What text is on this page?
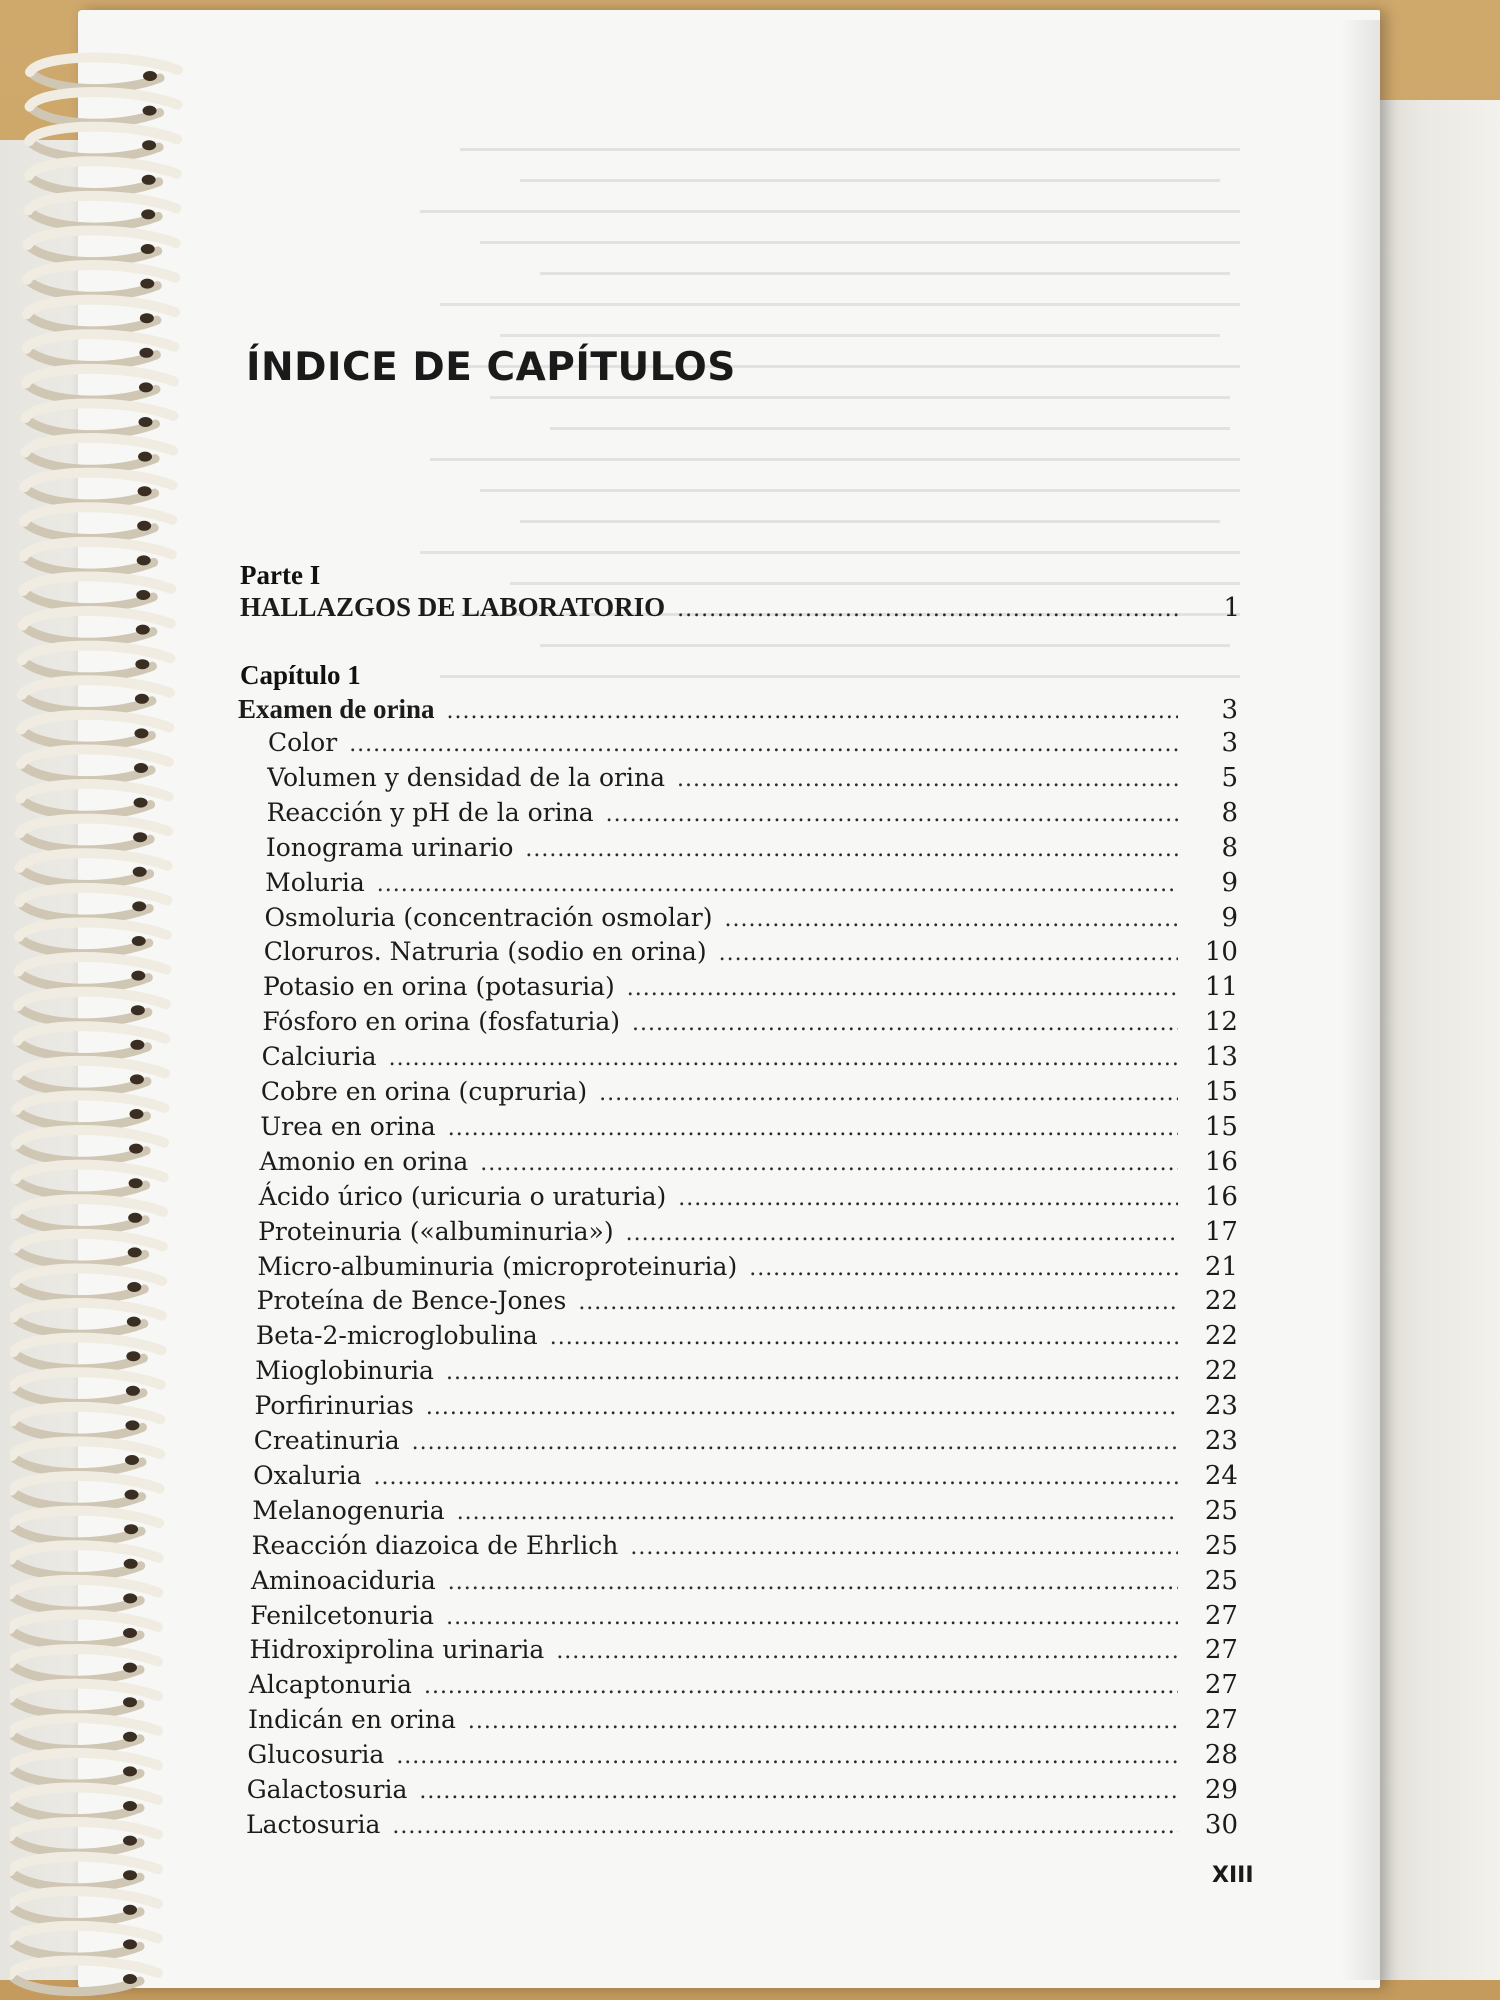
ÍNDICE DE CAPÍTULOS
Parte I
HALLAZGOS DE LABORATORIO .....	1
Capítulo 1
Examen de orina .....	3
Color .....	3
Volumen y densidad de la orina .....	5
Reacción y pH de la orina .....	8
Ionograma urinario .....	8
Moluria .....	9
Osmoluria (concentración osmolar) .....	9
Cloruros. Natruria (sodio en orina) .....	10
Potasio en orina (potasuria) .....	11
Fósforo en orina (fosfaturia) .....	12
Calciuria .....	13
Cobre en orina (cupruria) .....	15
Urea en orina .....	15
Amonio en orina .....	16
Ácido úrico (uricuria o uraturia) .....	16
Proteinuria («albuminuria») .....	17
Micro-albuminuria (microproteinuria) .....	21
Proteína de Bence-Jones .....	22
Beta-2-microglobulina .....	22
Mioglobinuria .....	22
Porfirinurias .....	23
Creatinuria .....	23
Oxaluria .....	24
Melanogenuria .....	25
Reacción diazoica de Ehrlich .....	25
Aminoaciduria .....	25
Fenilcetonuria .....	27
Hidroxiprolina urinaria .....	27
Alcaptonuria .....	27
Indicán en orina .....	27
Glucosuria .....	28
Galactosuria .....	29
Lactosuria .....	30
XIII
